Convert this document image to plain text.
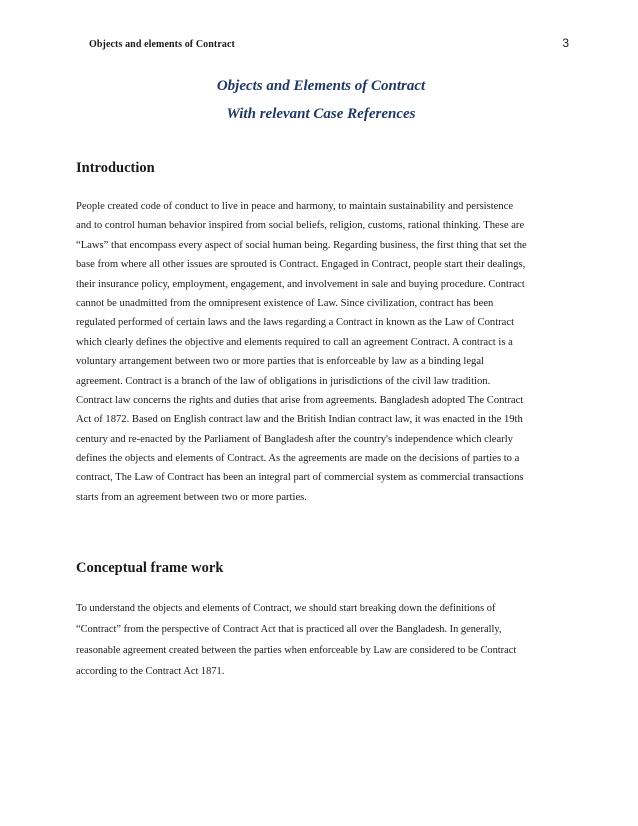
Objects and elements of Contract	3
Objects and Elements of Contract
With relevant Case References
Introduction
People created code of conduct to live in peace and harmony, to maintain sustainability and persistence
and to control human behavior inspired from social beliefs, religion, customs, rational thinking. These are
“Laws” that encompass every aspect of social human being. Regarding business, the first thing that set the
base from where all other issues are sprouted is Contract. Engaged in Contract, people start their dealings,
their insurance policy, employment, engagement, and involvement in sale and buying procedure. Contract
cannot be unadmitted from the omnipresent existence of Law. Since civilization, contract has been
regulated performed of certain laws and the laws regarding a Contract in known as the Law of Contract
which clearly defines the objective and elements required to call an agreement Contract. A contract is a
voluntary arrangement between two or more parties that is enforceable by law as a binding legal
agreement. Contract is a branch of the law of obligations in jurisdictions of the civil law tradition.
Contract law concerns the rights and duties that arise from agreements. Bangladesh adopted The Contract
Act of 1872. Based on English contract law and the British Indian contract law, it was enacted in the 19th
century and re-enacted by the Parliament of Bangladesh after the country's independence which clearly
defines the objects and elements of Contract. As the agreements are made on the decisions of parties to a
contract, The Law of Contract has been an integral part of commercial system as commercial transactions
starts from an agreement between two or more parties.
Conceptual frame work
To understand the objects and elements of Contract, we should start breaking down the definitions of
“Contract” from the perspective of Contract Act that is practiced all over the Bangladesh. In generally,
reasonable agreement created between the parties when enforceable by Law are considered to be Contract
according to the Contract Act 1871.
